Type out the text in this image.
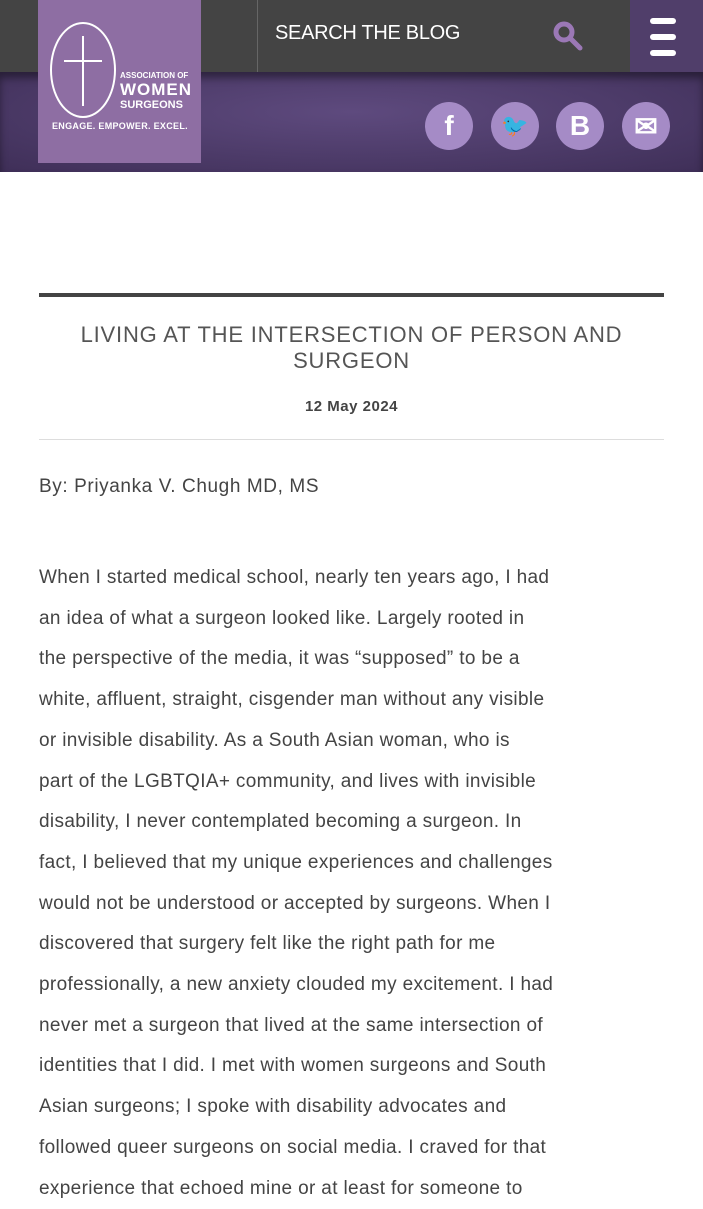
ASSOCIATION OF
WOMEN
SURGEONS
ENGAGE. EMPOWER. EXCEL.
SEARCH THE BLOG
f	🐦	B	✉
LIVING AT THE INTERSECTION OF PERSON AND SURGEON
12 May 2024
By: Priyanka V. Chugh MD, MS
When I started medical school, nearly ten years ago, I had
an idea of what a surgeon looked like. Largely rooted in
the perspective of the media, it was “supposed” to be a
white, affluent, straight, cisgender man without any visible
or invisible disability. As a South Asian woman, who is
part of the LGBTQIA+ community, and lives with invisible
disability, I never contemplated becoming a surgeon. In
fact, I believed that my unique experiences and challenges
would not be understood or accepted by surgeons. When I
discovered that surgery felt like the right path for me
professionally, a new anxiety clouded my excitement. I had
never met a surgeon that lived at the same intersection of
identities that I did. I met with women surgeons and South
Asian surgeons; I spoke with disability advocates and
followed queer surgeons on social media. I craved for that
experience that echoed mine or at least for someone to
